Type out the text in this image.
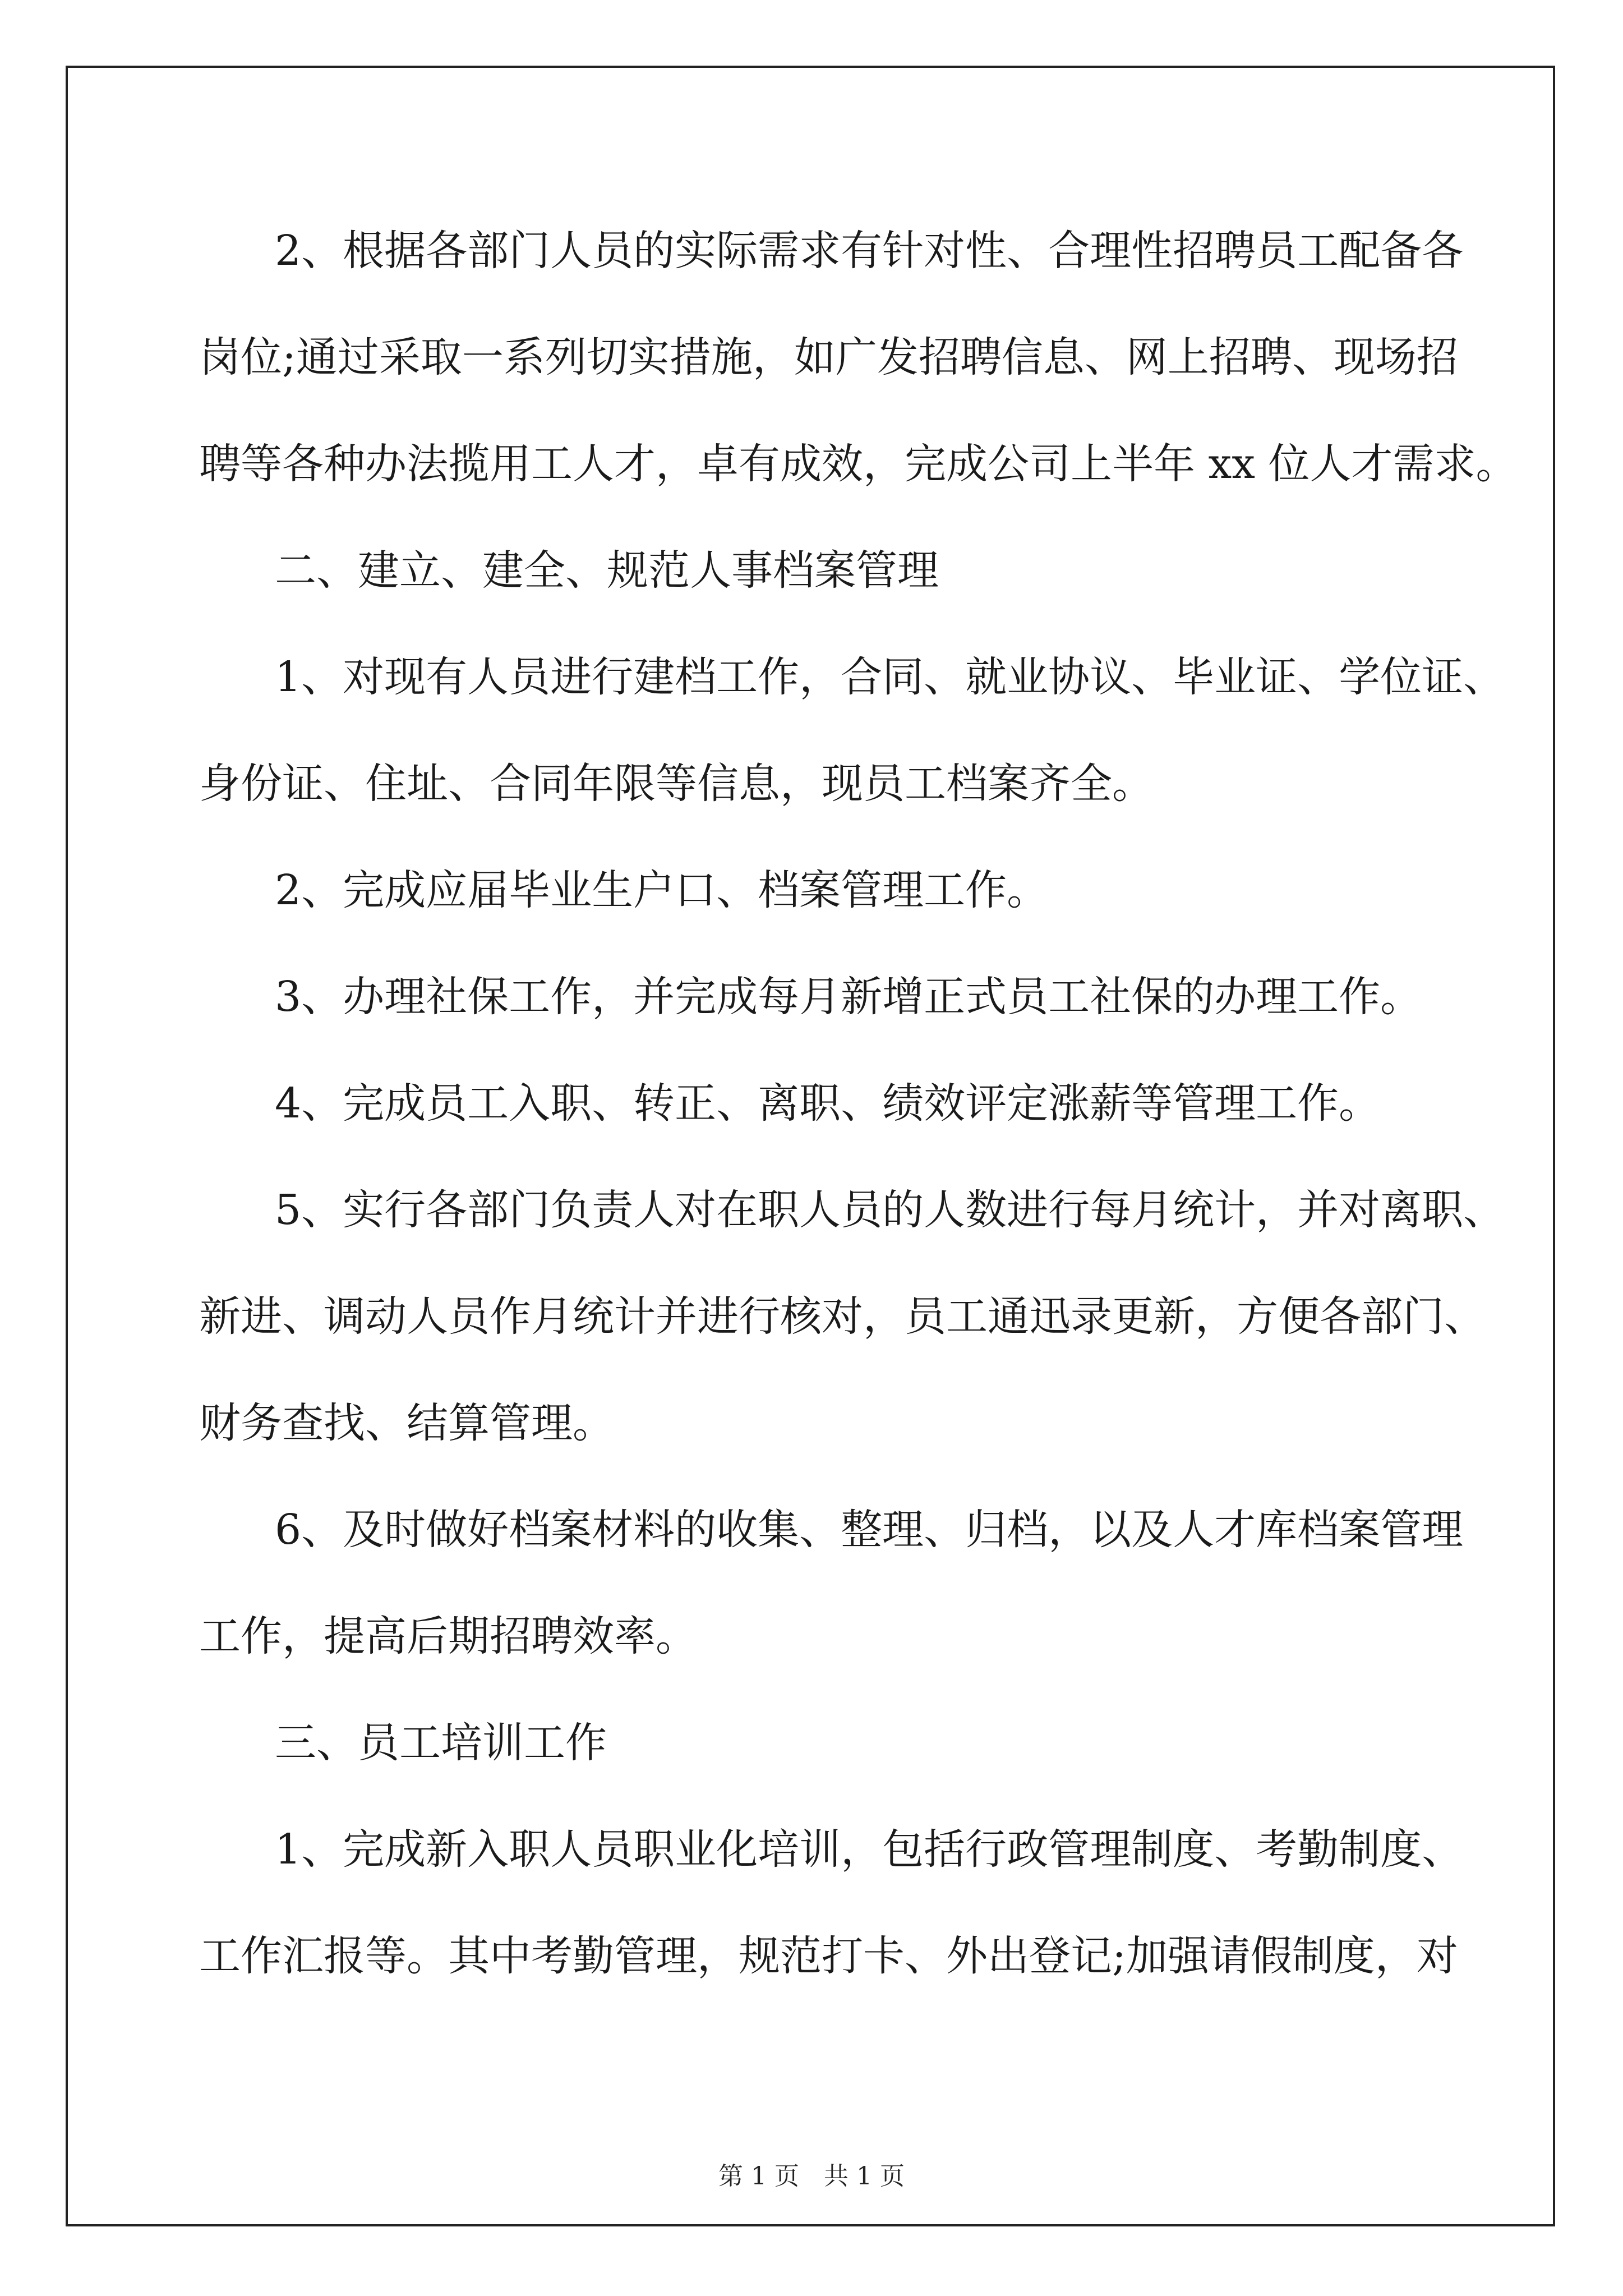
2、根据各部门人员的实际需求有针对性、合理性招聘员工配备各
岗位;通过采取一系列切实措施，如广发招聘信息、网上招聘、现场招
聘等各种办法揽用工人才，卓有成效，完成公司上半年 xx 位人才需求。
二、建立、建全、规范人事档案管理
1、对现有人员进行建档工作，合同、就业协议、毕业证、学位证、
身份证、住址、合同年限等信息，现员工档案齐全。
2、完成应届毕业生户口、档案管理工作。
3、办理社保工作，并完成每月新增正式员工社保的办理工作。
4、完成员工入职、转正、离职、绩效评定涨薪等管理工作。
5、实行各部门负责人对在职人员的人数进行每月统计，并对离职、
新进、调动人员作月统计并进行核对，员工通迅录更新，方便各部门、
财务查找、结算管理。
6、及时做好档案材料的收集、整理、归档，以及人才库档案管理
工作，提高后期招聘效率。
三、员工培训工作
1、完成新入职人员职业化培训，包括行政管理制度、考勤制度、
工作汇报等。其中考勤管理，规范打卡、外出登记;加强请假制度，对
第 1 页 共 1 页
